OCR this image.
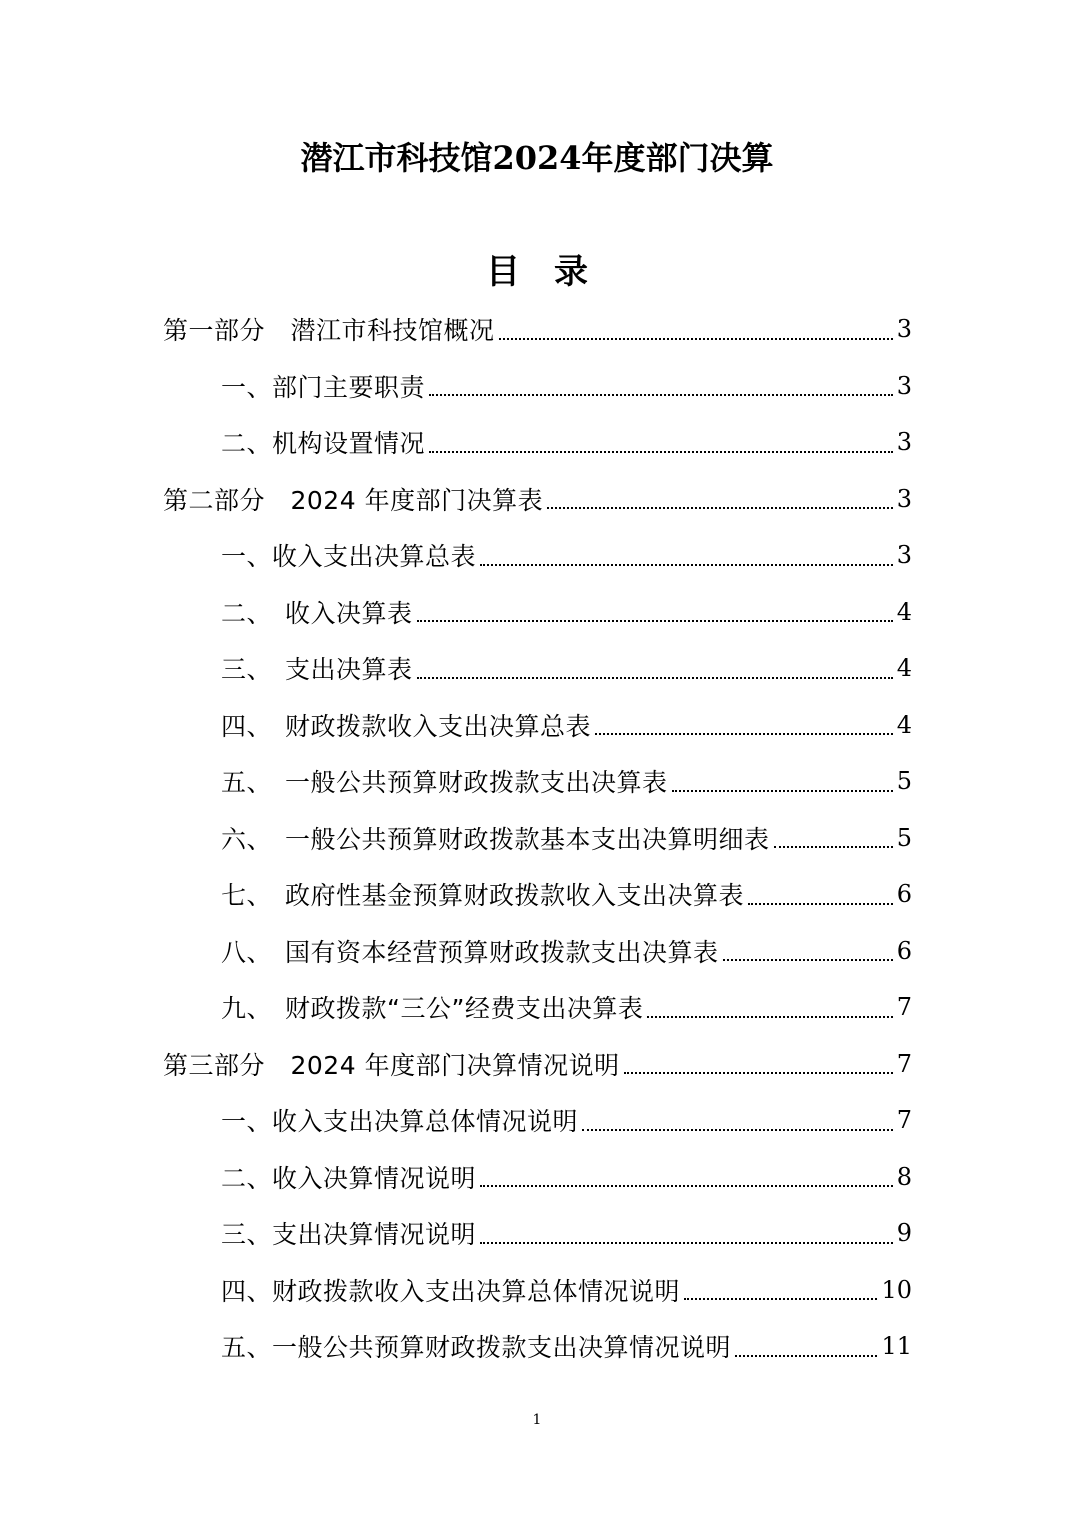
潜江市科技馆2024年度部门决算
目　录
第一部分　潜江市科技馆概况	3
一、部门主要职责	3
二、机构设置情况	3
第二部分　2024 年度部门决算表	3
一、收入支出决算总表	3
二、　收入决算表	4
三、　支出决算表	4
四、　财政拨款收入支出决算总表	4
五、　一般公共预算财政拨款支出决算表	5
六、　一般公共预算财政拨款基本支出决算明细表	5
七、　政府性基金预算财政拨款收入支出决算表	6
八、　国有资本经营预算财政拨款支出决算表	6
九、　财政拨款“三公”经费支出决算表	7
第三部分　2024 年度部门决算情况说明	7
一、收入支出决算总体情况说明	7
二、收入决算情况说明	8
三、支出决算情况说明	9
四、财政拨款收入支出决算总体情况说明	10
五、一般公共预算财政拨款支出决算情况说明	11
1
